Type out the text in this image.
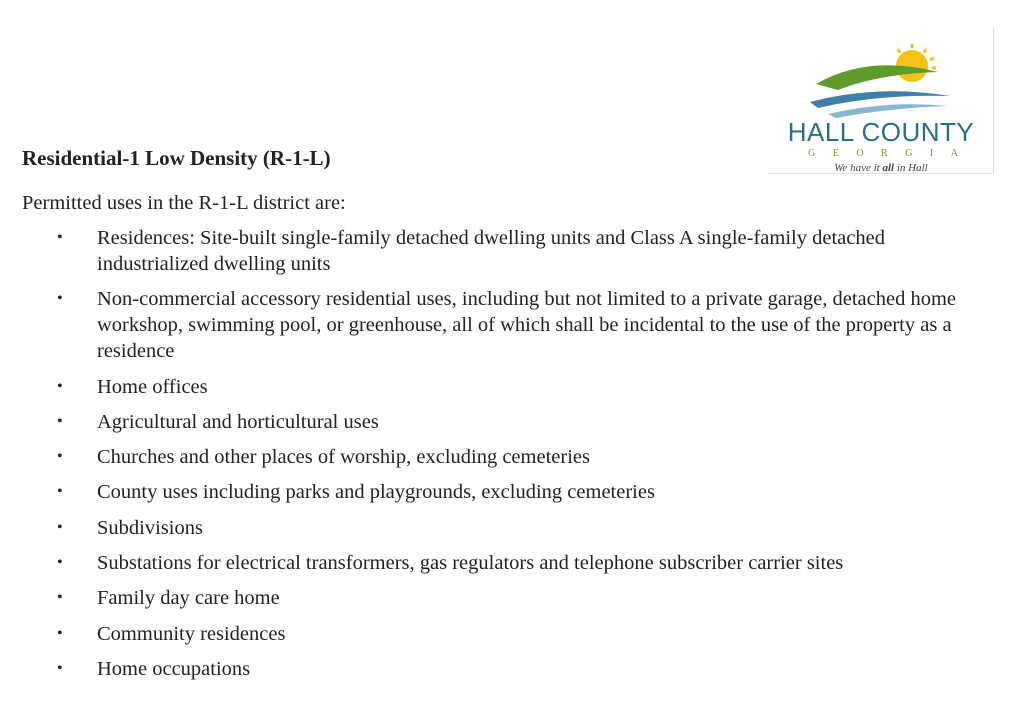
HALL COUNTY
G E O R G I A
We have it all in Hall
Residential-1 Low Density (R-1-L)
Permitted uses in the R-1-L district are:
• Residences: Site-built single-family detached dwelling units and Class A single-family detached industrialized dwelling units
• Non-commercial accessory residential uses, including but not limited to a private garage, detached home workshop, swimming pool, or greenhouse, all of which shall be incidental to the use of the property as a residence
• Home offices
• Agricultural and horticultural uses
• Churches and other places of worship, excluding cemeteries
• County uses including parks and playgrounds, excluding cemeteries
• Subdivisions
• Substations for electrical transformers, gas regulators and telephone subscriber carrier sites
• Family day care home
• Community residences
• Home occupations
